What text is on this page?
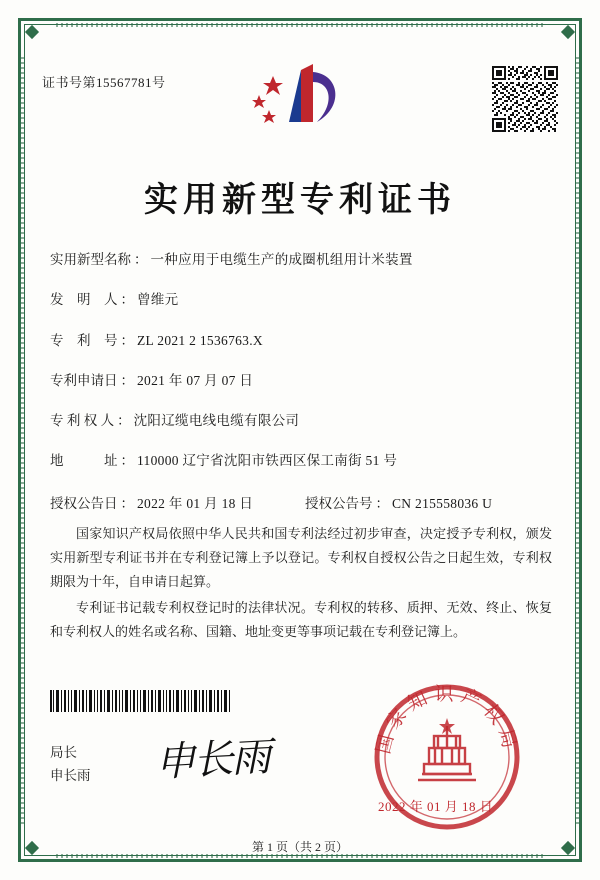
证书号第15567781号
实用新型专利证书
实用新型名称 ： 一种应用于电缆生产的成圈机组用计米装置
发　明　人 ： 曾维元
专　利　号 ： ZL 2021 2 1536763.X
专利申请日 ： 2021 年 07 月 07 日
专 利 权 人 ： 沈阳辽缆电线电缆有限公司
地　　　址 ： 110000 辽宁省沈阳市铁西区保工南街 51 号
授权公告日 ： 2022 年 01 月 18 日	授权公告号 ： CN 215558036 U

国家知识产权局依照中华人民共和国专利法经过初步审查，决定授予专利权，颁发实用新型专利证书并在专利登记簿上予以登记。专利权自授权公告之日起生效，专利权期限为十年，自申请日起算。

专利证书记载专利权登记时的法律状况。专利权的转移、质押、无效、终止、恢复和专利权人的姓名或名称、国籍、地址变更等事项记载在专利登记簿上。

国家知识产权局
局长
申长雨 申长雨
2022 年 01 月 18 日
第 1 页（共 2 页）
